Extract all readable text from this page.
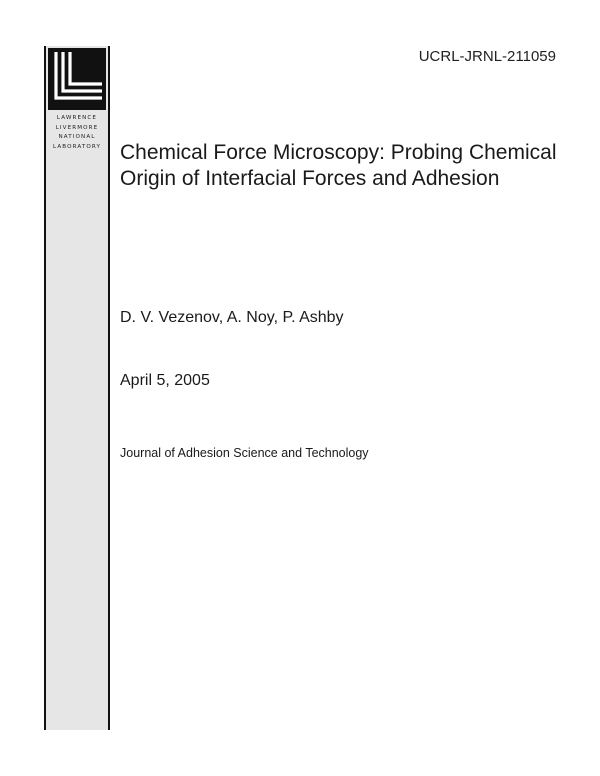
LAWRENCE
LIVERMORE
NATIONAL
LABORATORY
UCRL-JRNL-211059
Chemical Force Microscopy: Probing Chemical Origin of Interfacial Forces and Adhesion
D. V. Vezenov, A. Noy, P. Ashby
April 5, 2005
Journal of Adhesion Science and Technology
